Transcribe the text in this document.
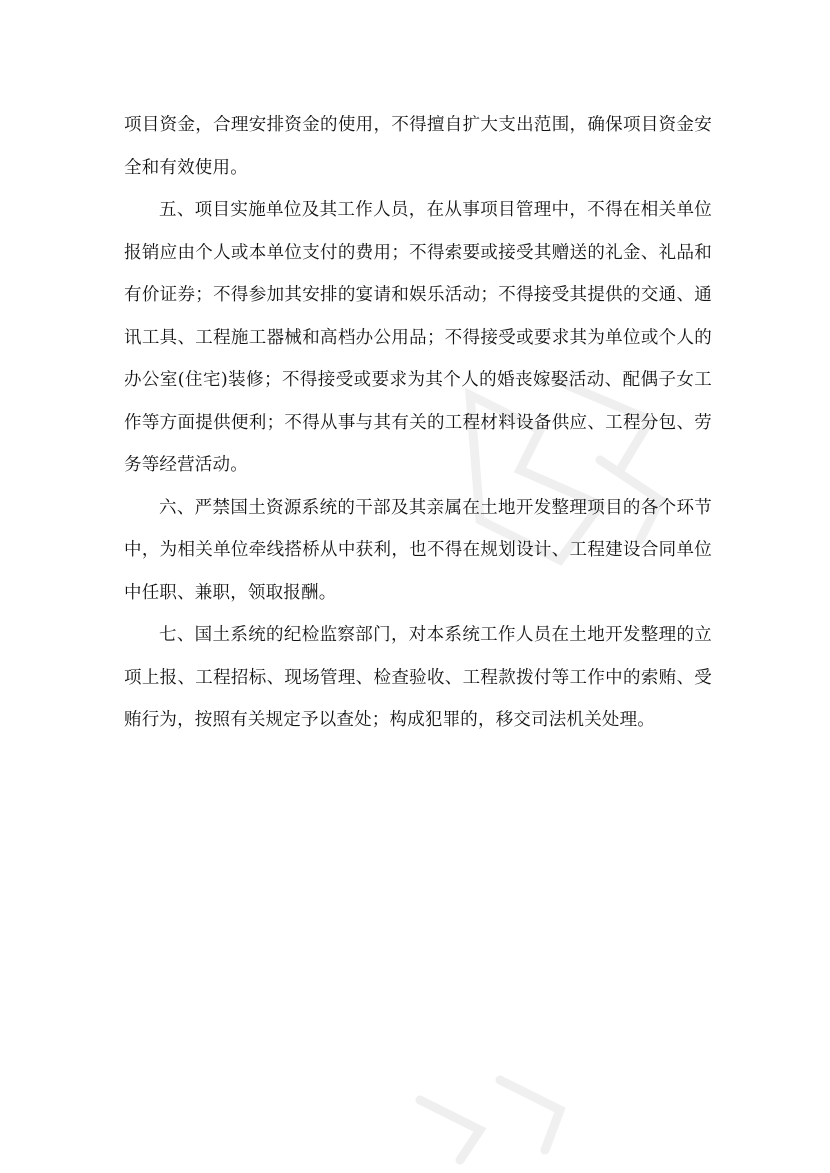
项目资金，合理安排资金的使用，不得擅自扩大支出范围，确保项目资金安全和有效使用。

五、项目实施单位及其工作人员，在从事项目管理中，不得在相关单位报销应由个人或本单位支付的费用；不得索要或接受其赠送的礼金、礼品和有价证券；不得参加其安排的宴请和娱乐活动；不得接受其提供的交通、通讯工具、工程施工器械和高档办公用品；不得接受或要求其为单位或个人的办公室(住宅)装修；不得接受或要求为其个人的婚丧嫁娶活动、配偶子女工作等方面提供便利；不得从事与其有关的工程材料设备供应、工程分包、劳务等经营活动。

六、严禁国土资源系统的干部及其亲属在土地开发整理项目的各个环节中，为相关单位牵线搭桥从中获利，也不得在规划设计、工程建设合同单位中任职、兼职，领取报酬。

七、国土系统的纪检监察部门，对本系统工作人员在土地开发整理的立项上报、工程招标、现场管理、检查验收、工程款拨付等工作中的索贿、受贿行为，按照有关规定予以查处；构成犯罪的，移交司法机关处理。
